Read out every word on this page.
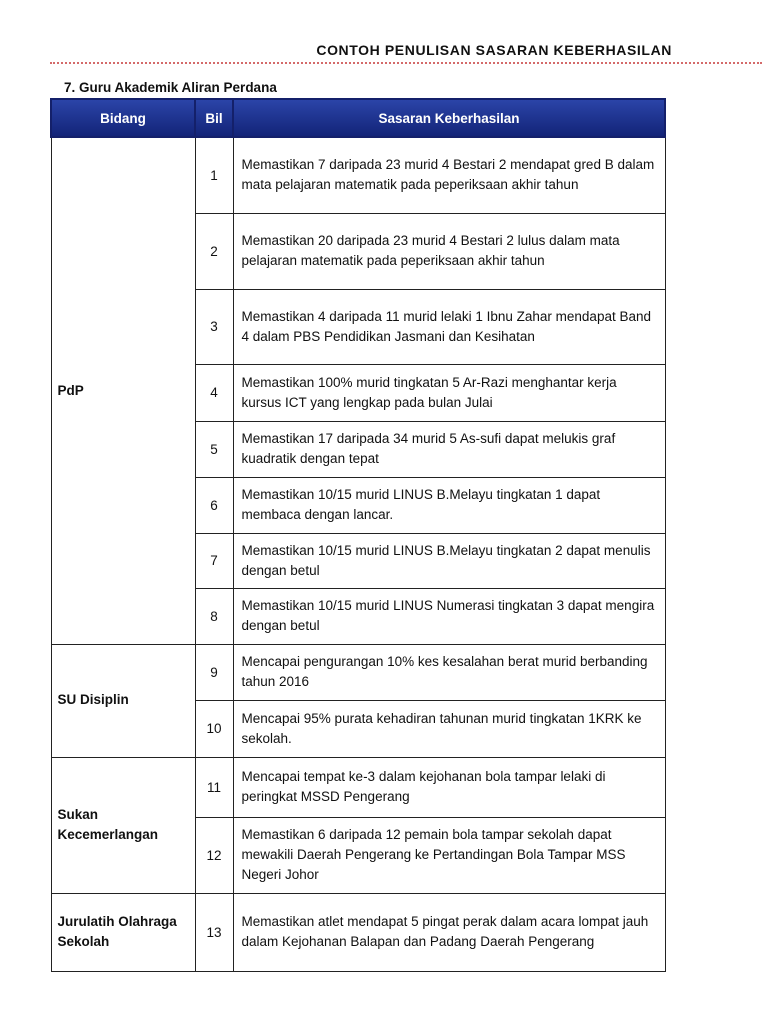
CONTOH PENULISAN SASARAN KEBERHASILAN
7. Guru Akademik Aliran Perdana
Bidang	Bil	Sasaran Keberhasilan
PdP	1	Memastikan 7 daripada 23 murid 4 Bestari 2 mendapat gred B dalam mata pelajaran matematik pada peperiksaan akhir tahun
	2	Memastikan 20 daripada 23 murid 4 Bestari 2 lulus dalam mata pelajaran matematik pada peperiksaan akhir tahun
	3	Memastikan 4 daripada 11 murid lelaki 1 Ibnu Zahar mendapat Band 4 dalam PBS Pendidikan Jasmani dan Kesihatan
	4	Memastikan 100% murid tingkatan 5 Ar-Razi menghantar kerja kursus ICT yang lengkap pada bulan Julai
	5	Memastikan 17 daripada 34 murid 5 As-sufi dapat melukis graf kuadratik dengan tepat
	6	Memastikan 10/15 murid LINUS B.Melayu tingkatan 1 dapat membaca dengan lancar.
	7	Memastikan 10/15 murid LINUS B.Melayu tingkatan 2 dapat menulis dengan betul
	8	Memastikan 10/15 murid LINUS Numerasi tingkatan 3 dapat mengira dengan betul
SU Disiplin	9	Mencapai pengurangan 10% kes kesalahan berat murid berbanding tahun 2016
	10	Mencapai 95% purata kehadiran tahunan murid tingkatan 1KRK ke sekolah.
Sukan Kecemerlangan	11	Mencapai tempat ke-3 dalam kejohanan bola tampar lelaki di peringkat MSSD Pengerang
	12	Memastikan 6 daripada 12 pemain bola tampar sekolah dapat mewakili Daerah Pengerang ke Pertandingan Bola Tampar MSS Negeri Johor
Jurulatih Olahraga Sekolah	13	Memastikan atlet mendapat 5 pingat perak dalam acara lompat jauh dalam Kejohanan Balapan dan Padang Daerah Pengerang
